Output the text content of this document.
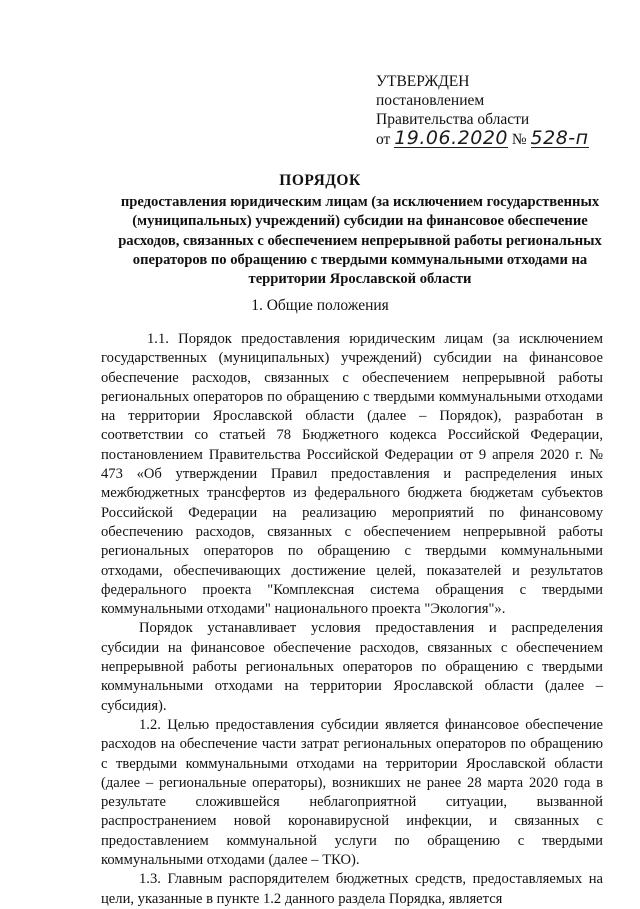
УТВЕРЖДЕН
постановлением
Правительства области
от 19.06.2020 № 528-п
ПОРЯДОК
предоставления юридическим лицам (за исключением государственных (муниципальных) учреждений) субсидии на финансовое обеспечение расходов, связанных с обеспечением непрерывной работы региональных операторов по обращению с твердыми коммунальными отходами на территории Ярославской области
1. Общие положения

1.1. Порядок предоставления юридическим лицам (за исключением государственных (муниципальных) учреждений) субсидии на финансовое обеспечение расходов, связанных с обеспечением непрерывной работы региональных операторов по обращению с твердыми коммунальными отходами на территории Ярославской области (далее – Порядок), разработан в соответствии со статьей 78 Бюджетного кодекса Российской Федерации, постановлением Правительства Российской Федерации от 9 апреля 2020 г. № 473 «Об утверждении Правил предоставления и распределения иных межбюджетных трансфертов из федерального бюджета бюджетам субъектов Российской Федерации на реализацию мероприятий по финансовому обеспечению расходов, связанных с обеспечением непрерывной работы региональных операторов по обращению с твердыми коммунальными отходами, обеспечивающих достижение целей, показателей и результатов федерального проекта "Комплексная система обращения с твердыми коммунальными отходами" национального проекта "Экология"».

Порядок устанавливает условия предоставления и распределения субсидии на финансовое обеспечение расходов, связанных с обеспечением непрерывной работы региональных операторов по обращению с твердыми коммунальными отходами на территории Ярославской области (далее – субсидия).

1.2. Целью предоставления субсидии является финансовое обеспечение расходов на обеспечение части затрат региональных операторов по обращению с твердыми коммунальными отходами на территории Ярославской области (далее – региональные операторы), возникших не ранее 28 марта 2020 года в результате сложившейся неблагоприятной ситуации, вызванной распространением новой коронавирусной инфекции, и связанных с предоставлением коммунальной услуги по обращению с твердыми коммунальными отходами (далее – ТКО).

1.3. Главным распорядителем бюджетных средств, предоставляемых на цели, указанные в пункте 1.2 данного раздела Порядка, является
